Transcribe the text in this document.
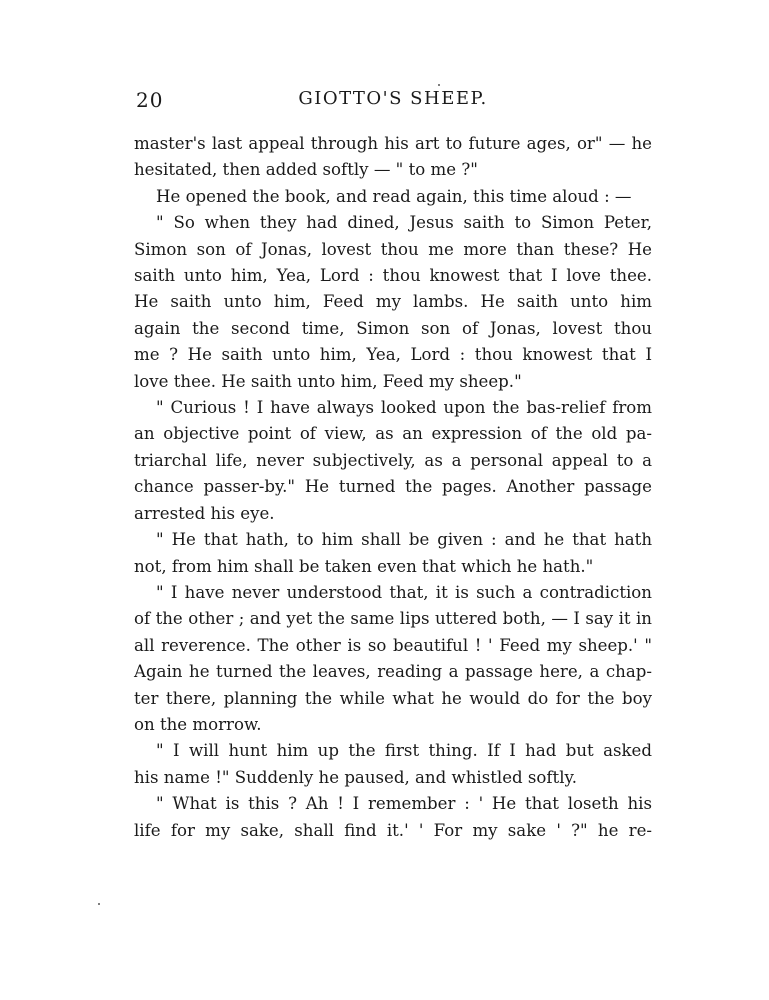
20	GIOTTO'S SHEEP.
master's last appeal through his art to future ages, or" — he
hesitated, then added softly — " to me ?"
He opened the book, and read again, this time aloud : —
" So when they had dined, Jesus saith to Simon Peter,
Simon son of Jonas, lovest thou me more than these? He
saith unto him, Yea, Lord : thou knowest that I love thee.
He saith unto him, Feed my lambs. He saith unto him
again the second time, Simon son of Jonas, lovest thou
me ? He saith unto him, Yea, Lord : thou knowest that I
love thee. He saith unto him, Feed my sheep."
" Curious ! I have always looked upon the bas-relief from
an objective point of view, as an expression of the old pa-
triarchal life, never subjectively, as a personal appeal to a
chance passer-by." He turned the pages. Another passage
arrested his eye.
" He that hath, to him shall be given : and he that hath
not, from him shall be taken even that which he hath."
" I have never understood that, it is such a contradiction
of the other ; and yet the same lips uttered both, — I say it in
all reverence. The other is so beautiful ! ' Feed my sheep.' "
Again he turned the leaves, reading a passage here, a chap-
ter there, planning the while what he would do for the boy
on the morrow.
" I will hunt him up the first thing. If I had but asked
his name !" Suddenly he paused, and whistled softly.
" What is this ? Ah ! I remember : ' He that loseth his
life for my sake, shall find it.' ' For my sake ' ?" he re-
